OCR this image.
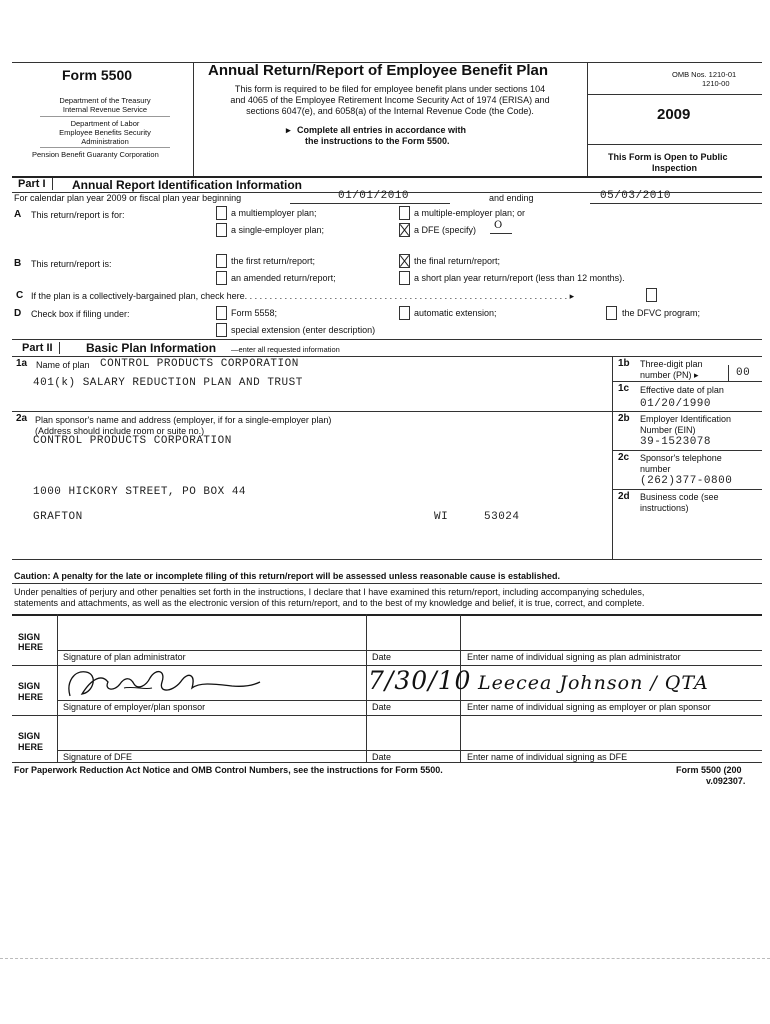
Form 5500
Department of the Treasury
Internal Revenue Service
Department of Labor
Employee Benefits Security
Administration
Pension Benefit Guaranty Corporation
Annual Return/Report of Employee Benefit Plan
This form is required to be filed for employee benefit plans under sections 104
and 4065 of the Employee Retirement Income Security Act of 1974 (ERISA) and
sections 6047(e), and 6058(a) of the Internal Revenue Code (the Code).
▸ Complete all entries in accordance with
the instructions to the Form 5500.
OMB Nos. 1210-01
1210-00
2009
This Form is Open to Public
Inspection
Part I	Annual Report Identification Information
For calendar plan year 2009 or fiscal plan year beginning	01/01/2010	and ending	05/03/2010
A This return/report is for:	a multiemployer plan;	a multiple-employer plan; or
a single-employer plan;	a DFE (specify) O
B This return/report is:	the first return/report;	the final return/report;
an amended return/report;	a short plan year return/report (less than 12 months).
C If the plan is a collectively-bargained plan, check here. . . . . . . . . . . . . . . . . . . . . . . . . . . . . . . . . . . . . . . . . . . . . . . . . . . . . . . . . . . . . . . . . ▸
D Check box if filing under:	Form 5558;	automatic extension;	the DFVC program;
special extension (enter description)
Part II	Basic Plan Information —enter all requested information
1a Name of plan CONTROL PRODUCTS CORPORATION
401(k) SALARY REDUCTION PLAN AND TRUST
1b Three-digit plan
number (PN) ▸	00
1c Effective date of plan
01/20/1990
2a Plan sponsor's name and address (employer, if for a single-employer plan)
(Address should include room or suite no.)
CONTROL PRODUCTS CORPORATION
1000 HICKORY STREET, PO BOX 44
GRAFTON	WI	53024
2b Employer Identification
Number (EIN)
39-1523078
2c Sponsor's telephone
number
(262)377-0800
2d Business code (see
instructions)
Caution: A penalty for the late or incomplete filing of this return/report will be assessed unless reasonable cause is established.
Under penalties of perjury and other penalties set forth in the instructions, I declare that I have examined this return/report, including accompanying schedules,
statements and attachments, as well as the electronic version of this return/report, and to the best of my knowledge and belief, it is true, correct, and complete.
SIGN
HERE
Signature of plan administrator	Date	Enter name of individual signing as plan administrator
SIGN
HERE
7/30/10 Leecea Johnson / QTA
Signature of employer/plan sponsor	Date	Enter name of individual signing as employer or plan sponsor
SIGN
HERE
Signature of DFE	Date	Enter name of individual signing as DFE
For Paperwork Reduction Act Notice and OMB Control Numbers, see the instructions for Form 5500.	Form 5500 (200
v.092307.
